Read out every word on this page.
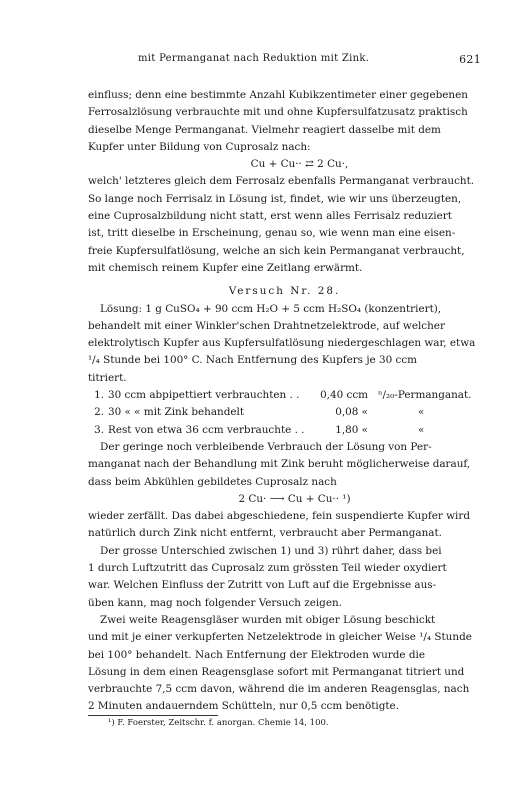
mit Permanganat nach Reduktion mit Zink.	621
einfluss; denn eine bestimmte Anzahl Kubikzentimeter einer gegebenen
Ferrosalzlösung verbrauchte mit und ohne Kupfersulfatzusatz praktisch
dieselbe Menge Permanganat. Vielmehr reagiert dasselbe mit dem
Kupfer unter Bildung von Cuprosalz nach:
Cu + Cu·· ⇄ 2 Cu·,
welch' letzteres gleich dem Ferrosalz ebenfalls Permanganat verbraucht.
So lange noch Ferrisalz in Lösung ist, findet, wie wir uns überzeugten,
eine Cuprosalzbildung nicht statt, erst wenn alles Ferrisalz reduziert
ist, tritt dieselbe in Erscheinung, genau so, wie wenn man eine eisen-
freie Kupfersulfatlösung, welche an sich kein Permanganat verbraucht,
mit chemisch reinem Kupfer eine Zeitlang erwärmt.
Versuch Nr. 28.
Lösung: 1 g CuSO₄ + 90 ccm H₂O + 5 ccm H₂SO₄ (konzentriert),
behandelt mit einer Winkler'schen Drahtnetzelektrode, auf welcher
elektrolytisch Kupfer aus Kupfersulfatlösung niedergeschlagen war, etwa
¹/₄ Stunde bei 100° C. Nach Entfernung des Kupfers je 30 ccm
titriert.
1. 30 ccm abpipettiert verbrauchten . .	0,40 ccm ⁿ/₂₀-Permanganat.
2. 30 « « mit Zink behandelt	0,08 «	«
3. Rest von etwa 36 ccm verbrauchte . .	1,80 «	«
Der geringe noch verbleibende Verbrauch der Lösung von Per-
manganat nach der Behandlung mit Zink beruht möglicherweise darauf,
dass beim Abkühlen gebildetes Cuprosalz nach
2 Cu· ⟶ Cu + Cu·· ¹)
wieder zerfällt. Das dabei abgeschiedene, fein suspendierte Kupfer wird
natürlich durch Zink nicht entfernt, verbraucht aber Permanganat.
Der grosse Unterschied zwischen 1) und 3) rührt daher, dass bei
1 durch Luftzutritt das Cuprosalz zum grössten Teil wieder oxydiert
war. Welchen Einfluss der Zutritt von Luft auf die Ergebnisse aus-
üben kann, mag noch folgender Versuch zeigen.
Zwei weite Reagensgläser wurden mit obiger Lösung beschickt
und mit je einer verkupferten Netzelektrode in gleicher Weise ¹/₄ Stunde
bei 100° behandelt. Nach Entfernung der Elektroden wurde die
Lösung in dem einen Reagensglase sofort mit Permanganat titriert und
verbrauchte 7,5 ccm davon, während die im anderen Reagensglas, nach
2 Minuten andauerndem Schütteln, nur 0,5 ccm benötigte.
¹) F. Foerster, Zeitschr. f. anorgan. Chemie 14, 100.
